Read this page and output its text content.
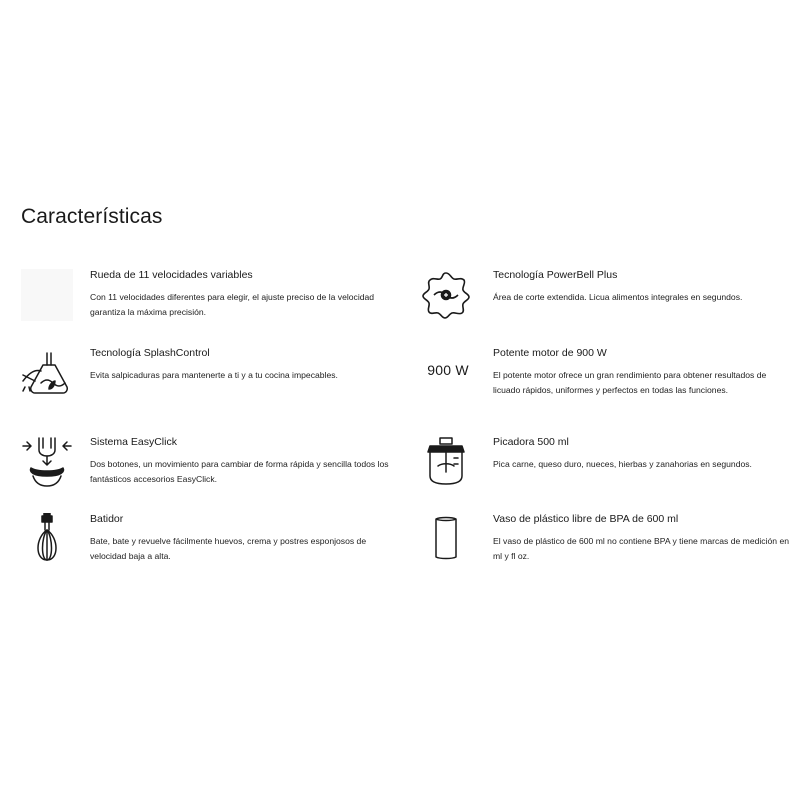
Características
Rueda de 11 velocidades variables
Con 11 velocidades diferentes para elegir, el ajuste preciso de la velocidad garantiza la máxima precisión.
Tecnología PowerBell Plus
Área de corte extendida. Licua alimentos integrales en segundos.
Tecnología SplashControl
Evita salpicaduras para mantenerte a ti y a tu cocina impecables.	900 W
Potente motor de 900 W
El potente motor ofrece un gran rendimiento para obtener resultados de licuado rápidos, uniformes y perfectos en todas las funciones.
Sistema EasyClick
Dos botones, un movimiento para cambiar de forma rápida y sencilla todos los fantásticos accesorios EasyClick.
Picadora 500 ml
Pica carne, queso duro, nueces, hierbas y zanahorias en segundos.
Batidor
Bate, bate y revuelve fácilmente huevos, crema y postres esponjosos de velocidad baja a alta.
Vaso de plástico libre de BPA de 600 ml
El vaso de plástico de 600 ml no contiene BPA y tiene marcas de medición en ml y fl oz.
